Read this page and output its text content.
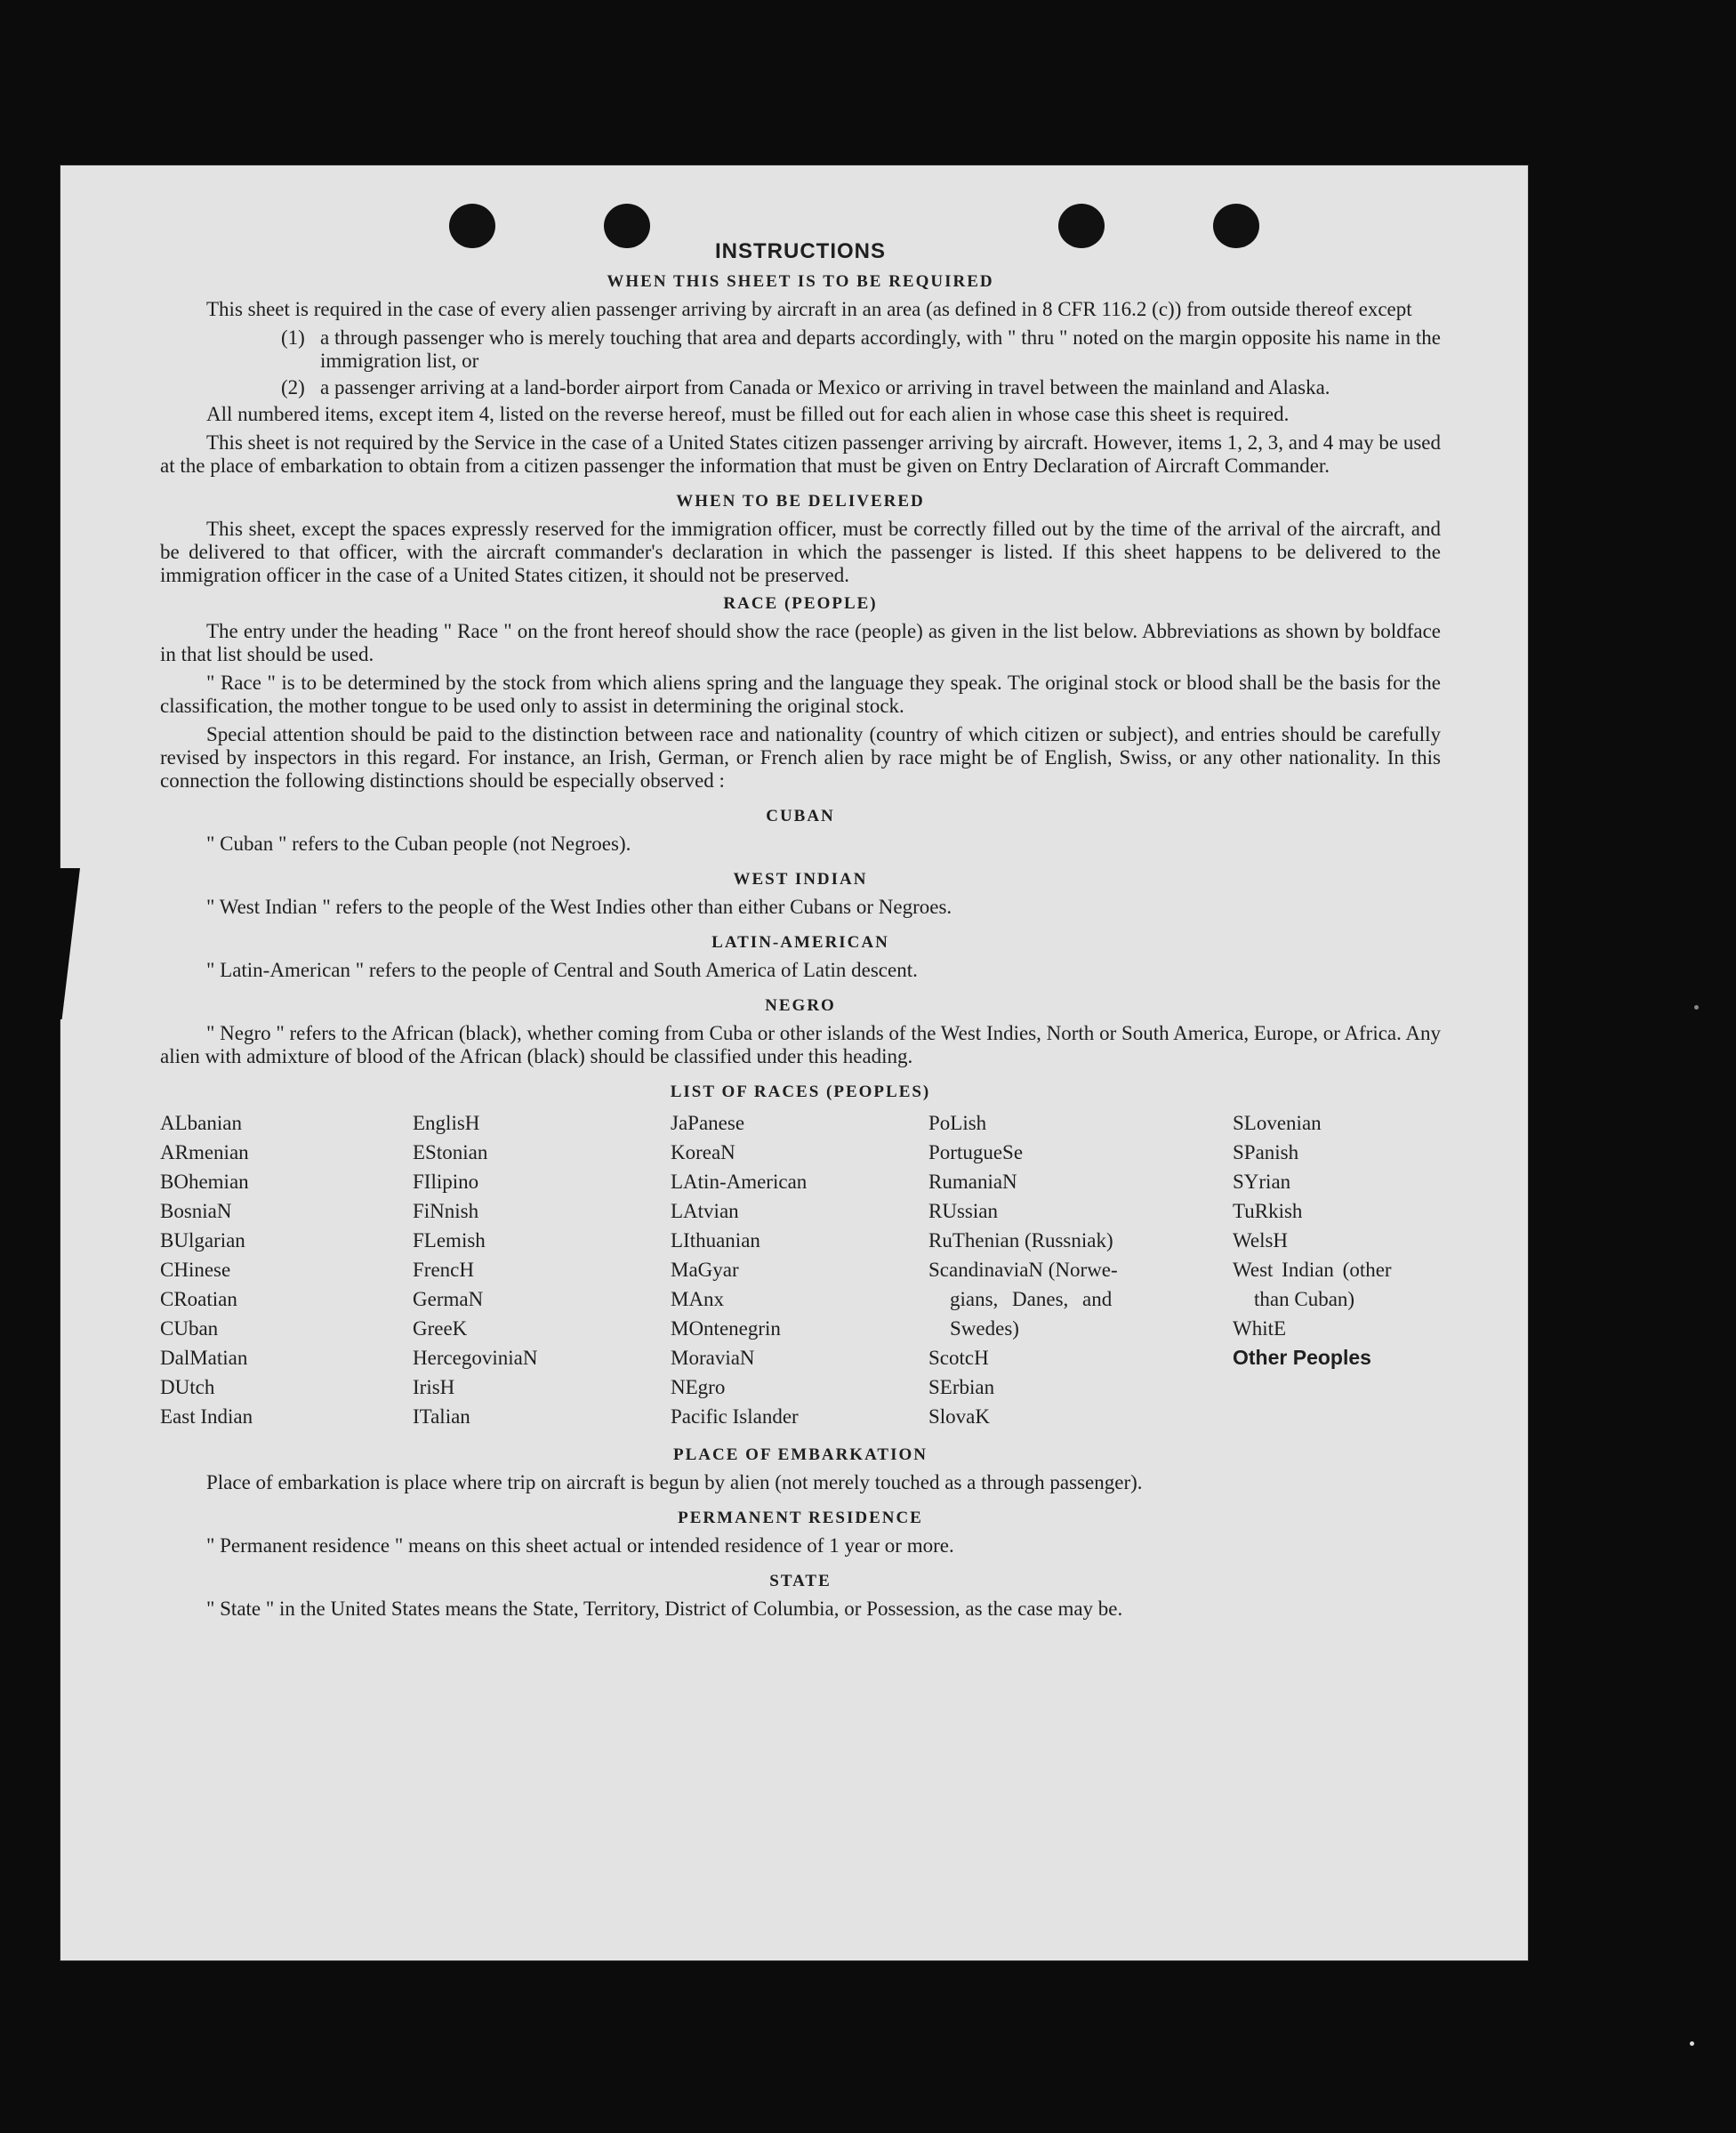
INSTRUCTIONS
WHEN THIS SHEET IS TO BE REQUIRED

This sheet is required in the case of every alien passenger arriving by aircraft in an area (as defined in 8 CFR 116.2 (c)) from outside thereof except

(1) a through passenger who is merely touching that area and departs accordingly, with " thru " noted on the margin opposite his name in the immigration list, or
(2) a passenger arriving at a land-border airport from Canada or Mexico or arriving in travel between the mainland and Alaska.

All numbered items, except item 4, listed on the reverse hereof, must be filled out for each alien in whose case this sheet is required.

This sheet is not required by the Service in the case of a United States citizen passenger arriving by aircraft. However, items 1, 2, 3, and 4 may be used at the place of embarkation to obtain from a citizen passenger the information that must be given on Entry Declaration of Aircraft Commander.

WHEN TO BE DELIVERED

This sheet, except the spaces expressly reserved for the immigration officer, must be correctly filled out by the time of the arrival of the aircraft, and be delivered to that officer, with the aircraft commander's declaration in which the passenger is listed. If this sheet happens to be delivered to the immigration officer in the case of a United States citizen, it should not be preserved.

RACE (PEOPLE)

The entry under the heading " Race " on the front hereof should show the race (people) as given in the list below. Abbreviations as shown by boldface in that list should be used.

" Race " is to be determined by the stock from which aliens spring and the language they speak. The original stock or blood shall be the basis for the classification, the mother tongue to be used only to assist in determining the original stock.

Special attention should be paid to the distinction between race and nationality (country of which citizen or subject), and entries should be carefully revised by inspectors in this regard. For instance, an Irish, German, or French alien by race might be of English, Swiss, or any other nationality. In this connection the following distinctions should be especially observed :

CUBAN
" Cuban " refers to the Cuban people (not Negroes).
WEST INDIAN
" West Indian " refers to the people of the West Indies other than either Cubans or Negroes.
LATIN-AMERICAN
" Latin-American " refers to the people of Central and South America of Latin descent.
NEGRO

" Negro " refers to the African (black), whether coming from Cuba or other islands of the West Indies, North or South America, Europe, or Africa. Any alien with admixture of blood of the African (black) should be classified under this heading.

LIST OF RACES (PEOPLES)
ALbanian
ARmenian
BOhemian
BosniaN
BUlgarian
CHinese
CRoatian
CUban
DalMatian
DUtch
East Indian
EnglisH
EStonian
FIlipino
FiNnish
FLemish
FrencH
GermaN
GreeK
HercegoviniaN
IrisH
ITalian
JaPanese
KoreaN
LAtin-American
LAtvian
LIthuanian
MaGyar
MAnx
MOntenegrin
MoraviaN
NEgro
Pacific Islander
PoLish
PortugueSe
RumaniaN
RUssian
RuThenian (Russniak)
ScandinaviaN (Norwe-
gians, Danes, and
Swedes)
ScotcH
SErbian
SlovaK
SLovenian
SPanish
SYrian
TuRkish
WelsH
West Indian (other
than Cuban)
WhitE
Other Peoples
PLACE OF EMBARKATION
Place of embarkation is place where trip on aircraft is begun by alien (not merely touched as a through passenger).
PERMANENT RESIDENCE
" Permanent residence " means on this sheet actual or intended residence of 1 year or more.
STATE
" State " in the United States means the State, Territory, District of Columbia, or Possession, as the case may be.
